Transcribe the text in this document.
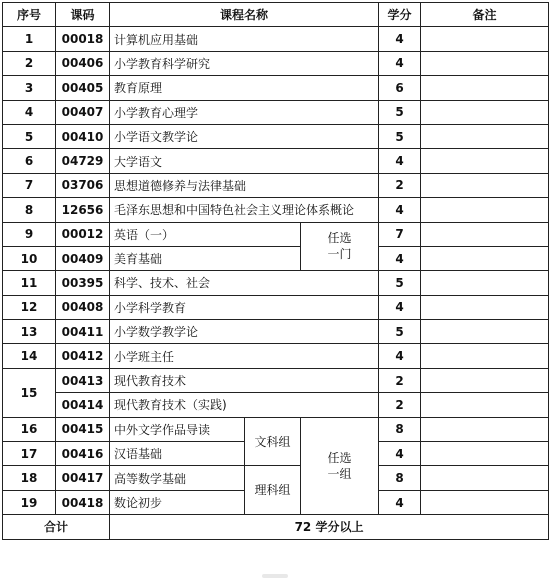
序号	课码	课程名称			学分	备注
1	00018	计算机应用基础			4	
2	00406	小学教育科学研究			4	
3	00405	教育原理			6	
4	00407	小学教育心理学			5	
5	00410	小学语文教学论			5	
6	04729	大学语文			4	
7	03706	思想道德修养与法律基础			2	
8	12656	毛泽东思想和中国特色社会主义理论体系概论			4	
9	00012	英语（一）		任选一门	7	
10	00409	美育基础			4	
11	00395	科学、技术、社会			5	
12	00408	小学科学教育			4	
13	00411	小学数学教学论			5	
14	00412	小学班主任			4	
15	00413	现代教育技术			2	
	00414	现代教育技术（实践)			2	
16	00415	中外文学作品导读	文科组	任选一组	8	
17	00416	汉语基础			4	
18	00417	高等数学基础	理科组		8	
19	00418	数论初步			4	
合计		72 学分以上				
